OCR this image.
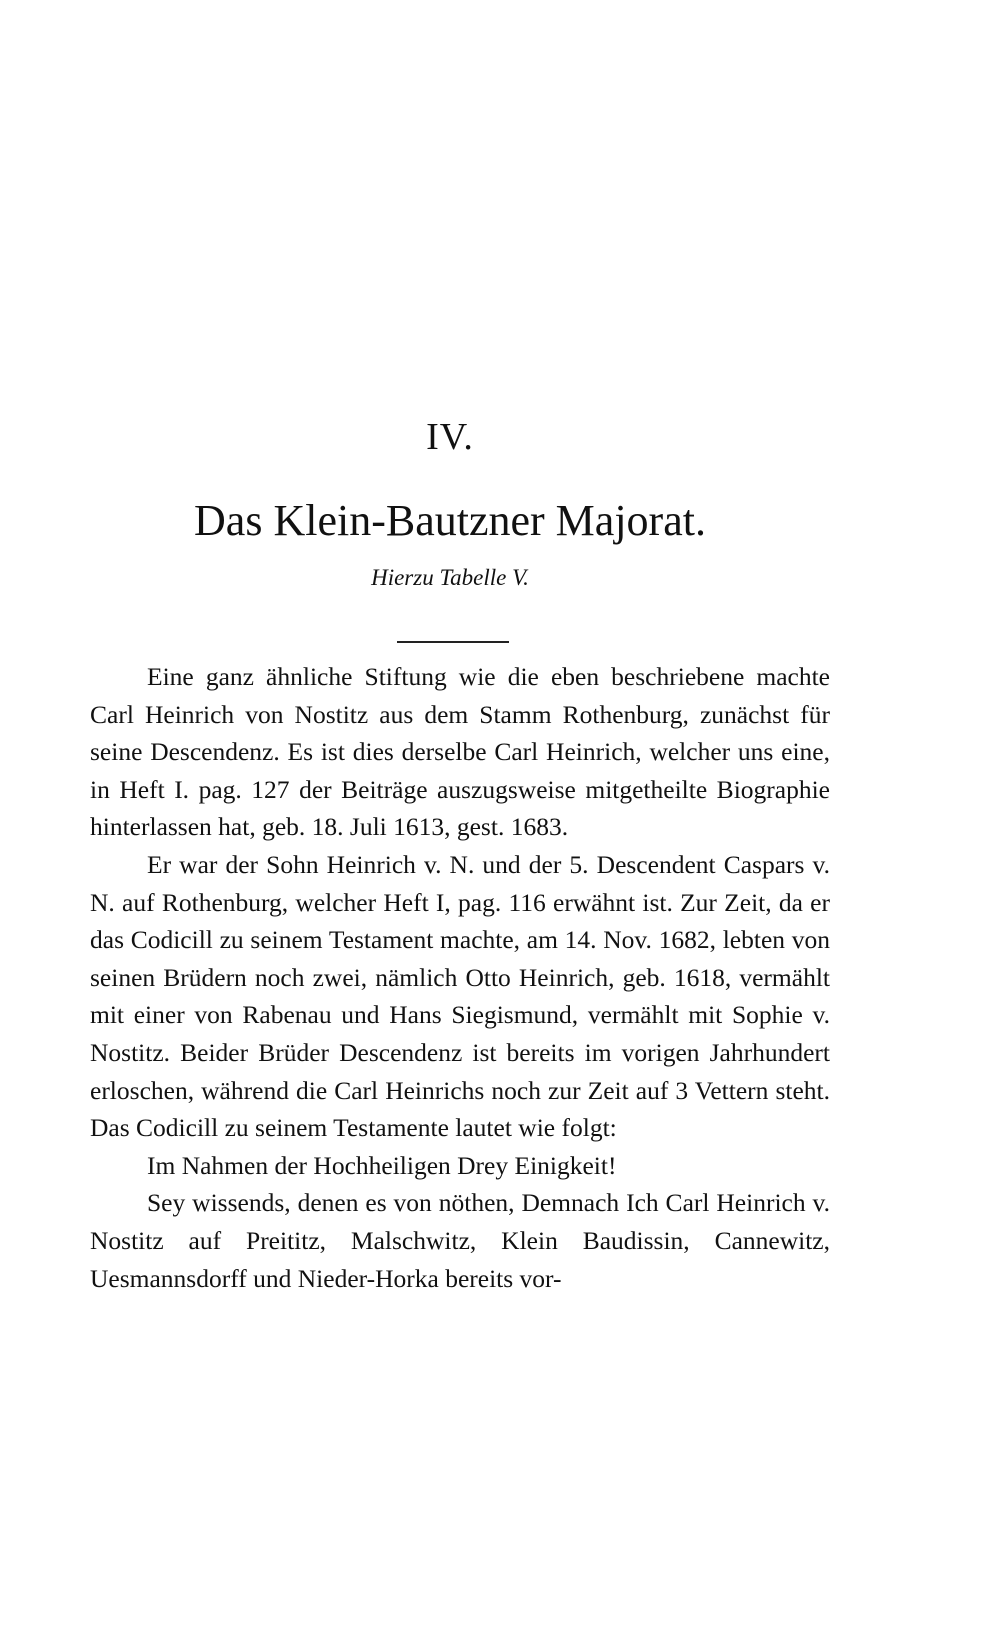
IV.
Das Klein-Bautzner Majorat.
Hierzu Tabelle V.

Eine ganz ähnliche Stiftung wie die eben beschriebene machte Carl Heinrich von Nostitz aus dem Stamm Rothenburg, zunächst für seine Descendenz. Es ist dies derselbe Carl Heinrich, welcher uns eine, in Heft I. pag. 127 der Beiträge auszugsweise mitgetheilte Biographie hinterlassen hat, geb. 18. Juli 1613, gest. 1683.

Er war der Sohn Heinrich v. N. und der 5. Descendent Caspars v. N. auf Rothenburg, welcher Heft I, pag. 116 erwähnt ist. Zur Zeit, da er das Codicill zu seinem Testament machte, am 14. Nov. 1682, lebten von seinen Brüdern noch zwei, nämlich Otto Heinrich, geb. 1618, vermählt mit einer von Rabenau und Hans Siegismund, vermählt mit Sophie v. Nostitz. Beider Brüder Descendenz ist bereits im vorigen Jahrhundert erloschen, während die Carl Heinrichs noch zur Zeit auf 3 Vettern steht. Das Codicill zu seinem Testamente lautet wie folgt:

Im Nahmen der Hochheiligen Drey Einigkeit!

Sey wissends, denen es von nöthen, Demnach Ich Carl Heinrich v. Nostitz auf Preititz, Malschwitz, Klein Baudissin, Cannewitz, Uesmannsdorff und Nieder-Horka bereits vor-
